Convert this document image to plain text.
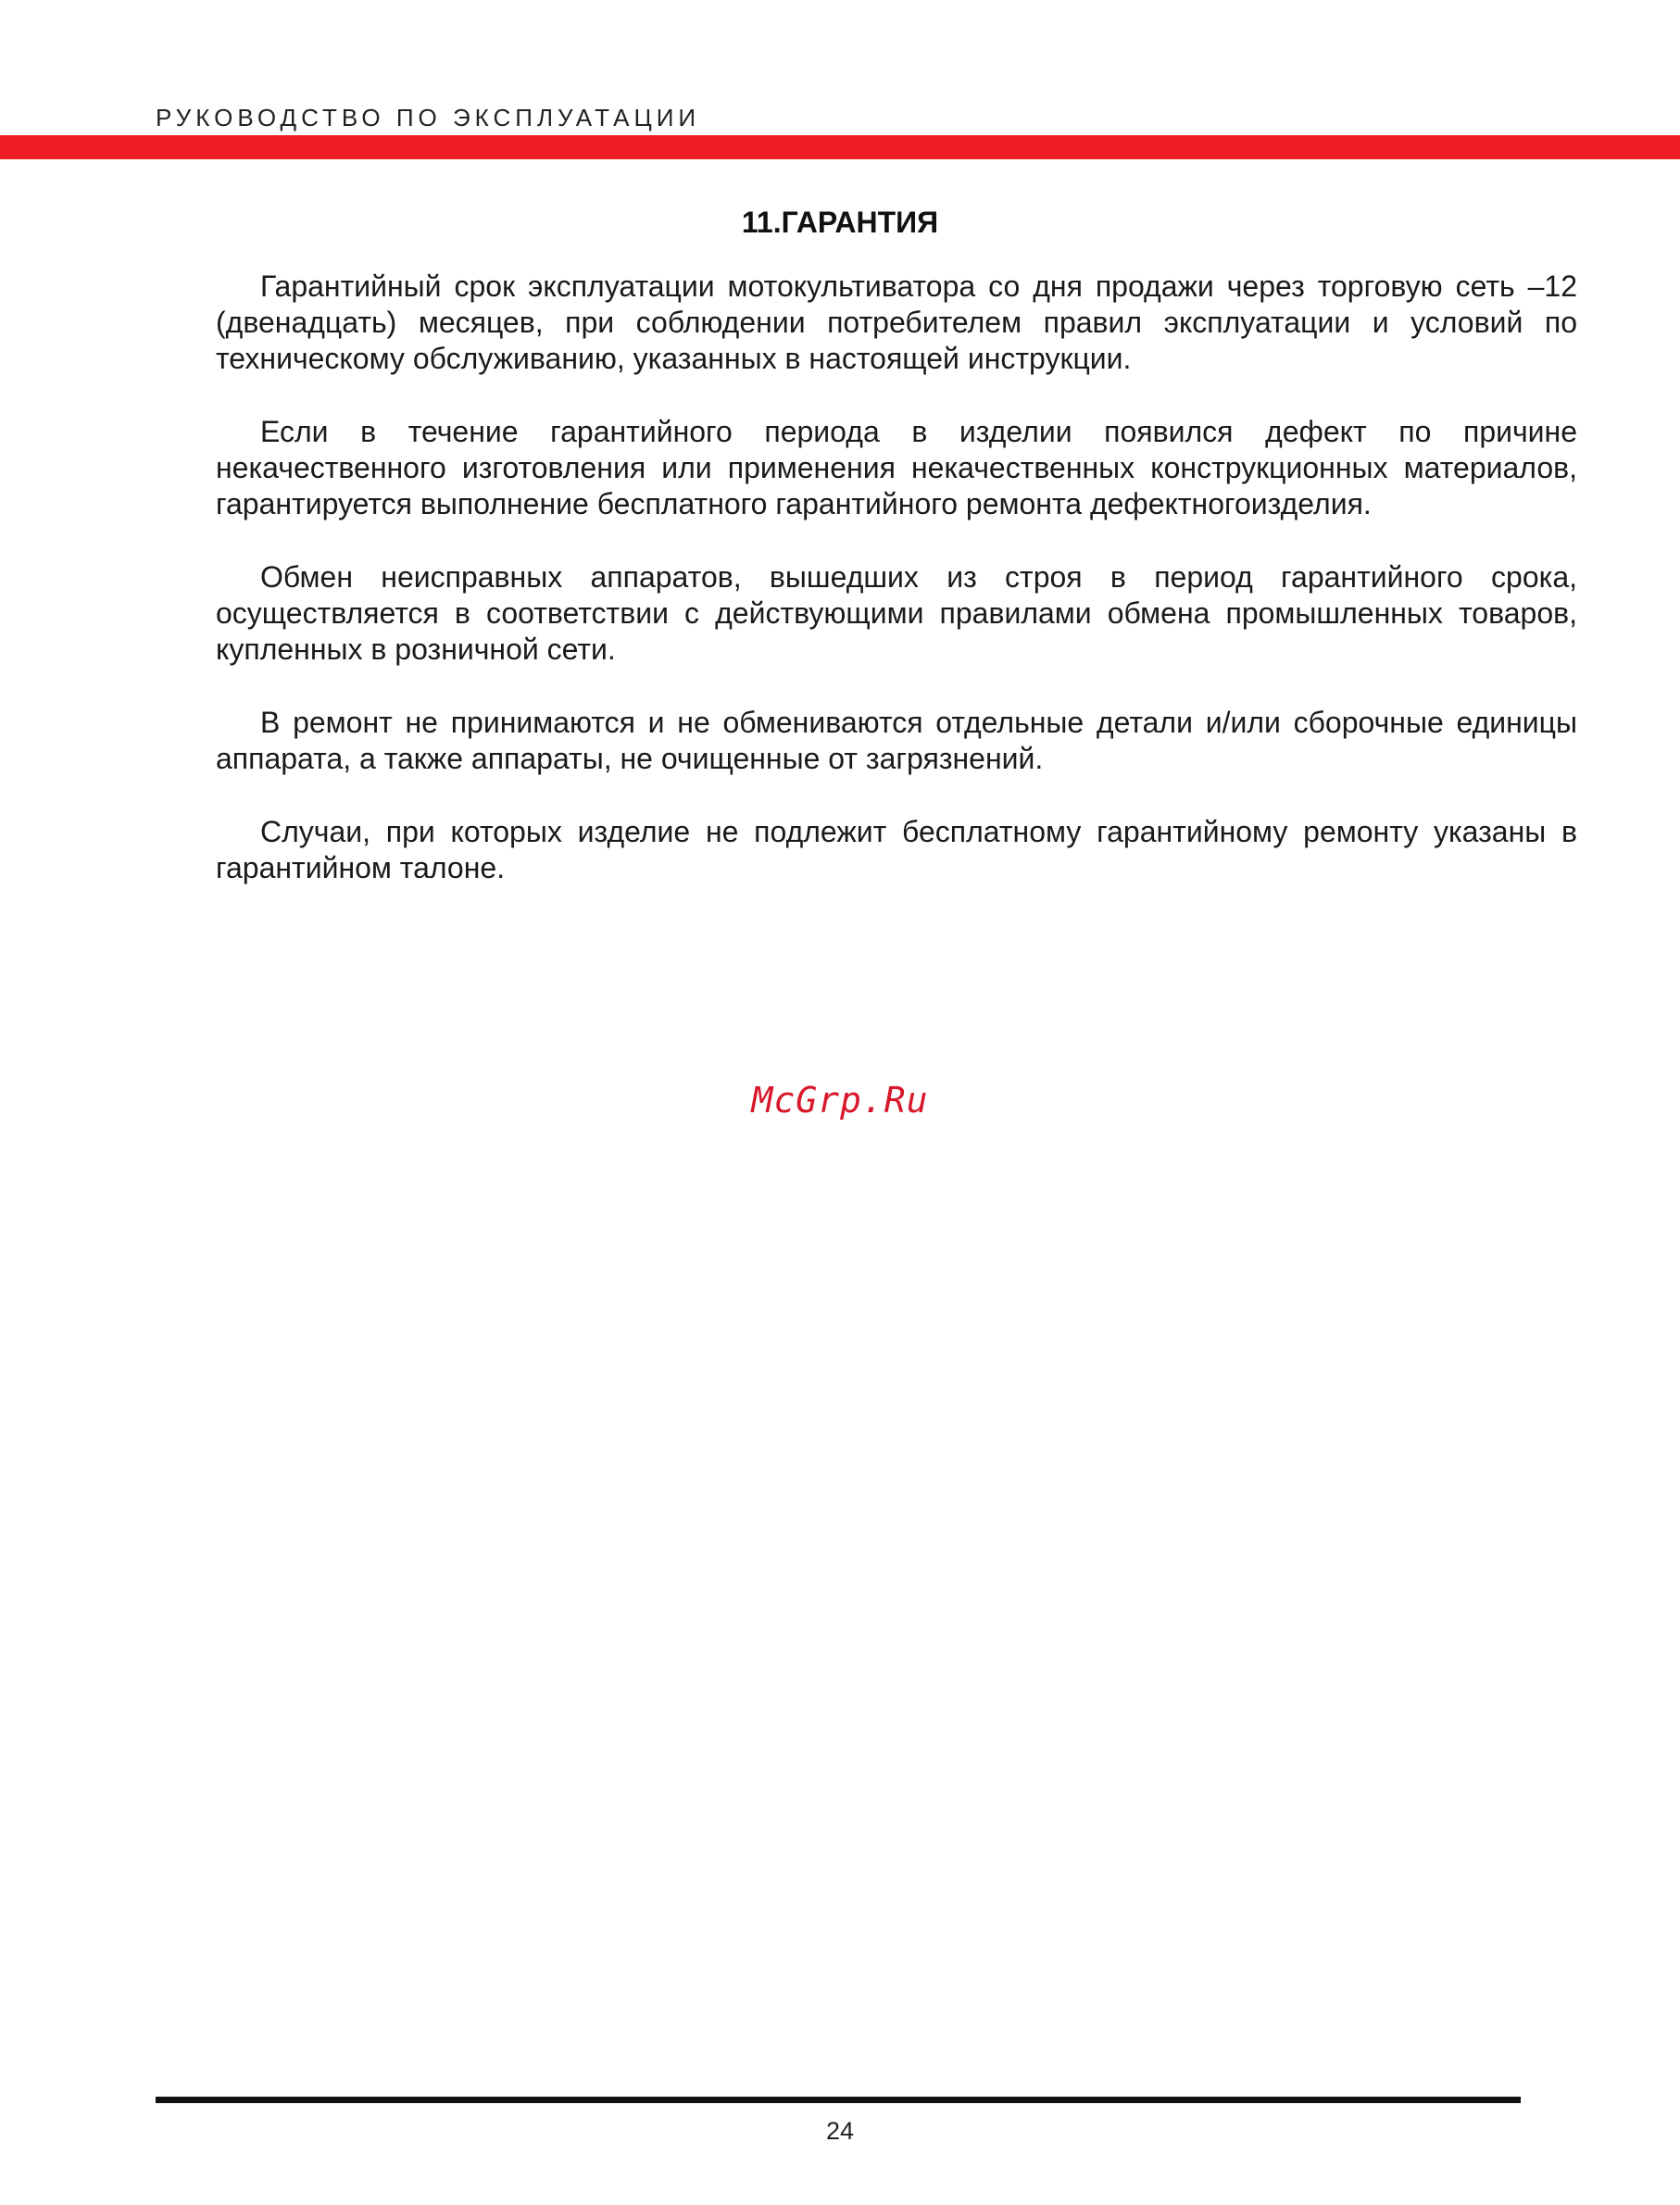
РУКОВОДСТВО ПО ЭКСПЛУАТАЦИИ
11.ГАРАНТИЯ

Гарантийный срок эксплуатации мотокультиватора со дня продажи через торговую сеть –12 (двенадцать) месяцев, при соблюдении потребителем правил эксплуатации и условий по техническому обслуживанию, указанных в настоящей инструкции.

Если в течение гарантийного периода в изделии появился дефект по причине некачественного изготовления или применения некачественных конструкционных материалов, гарантируется выполнение бесплатного гарантийного ремонта дефектногоизделия.

Обмен неисправных аппаратов, вышедших из строя в период гарантийного срока, осуществляется в соответствии с действующими правилами обмена промышленных товаров, купленных в розничной сети.

В ремонт не принимаются и не обмениваются отдельные детали и/или сборочные единицы аппарата, а также аппараты, не очищенные от загрязнений.

Случаи, при которых изделие не подлежит бесплатному гарантийному ремонту указаны в гарантийном талоне.

McGrp.Ru
24
